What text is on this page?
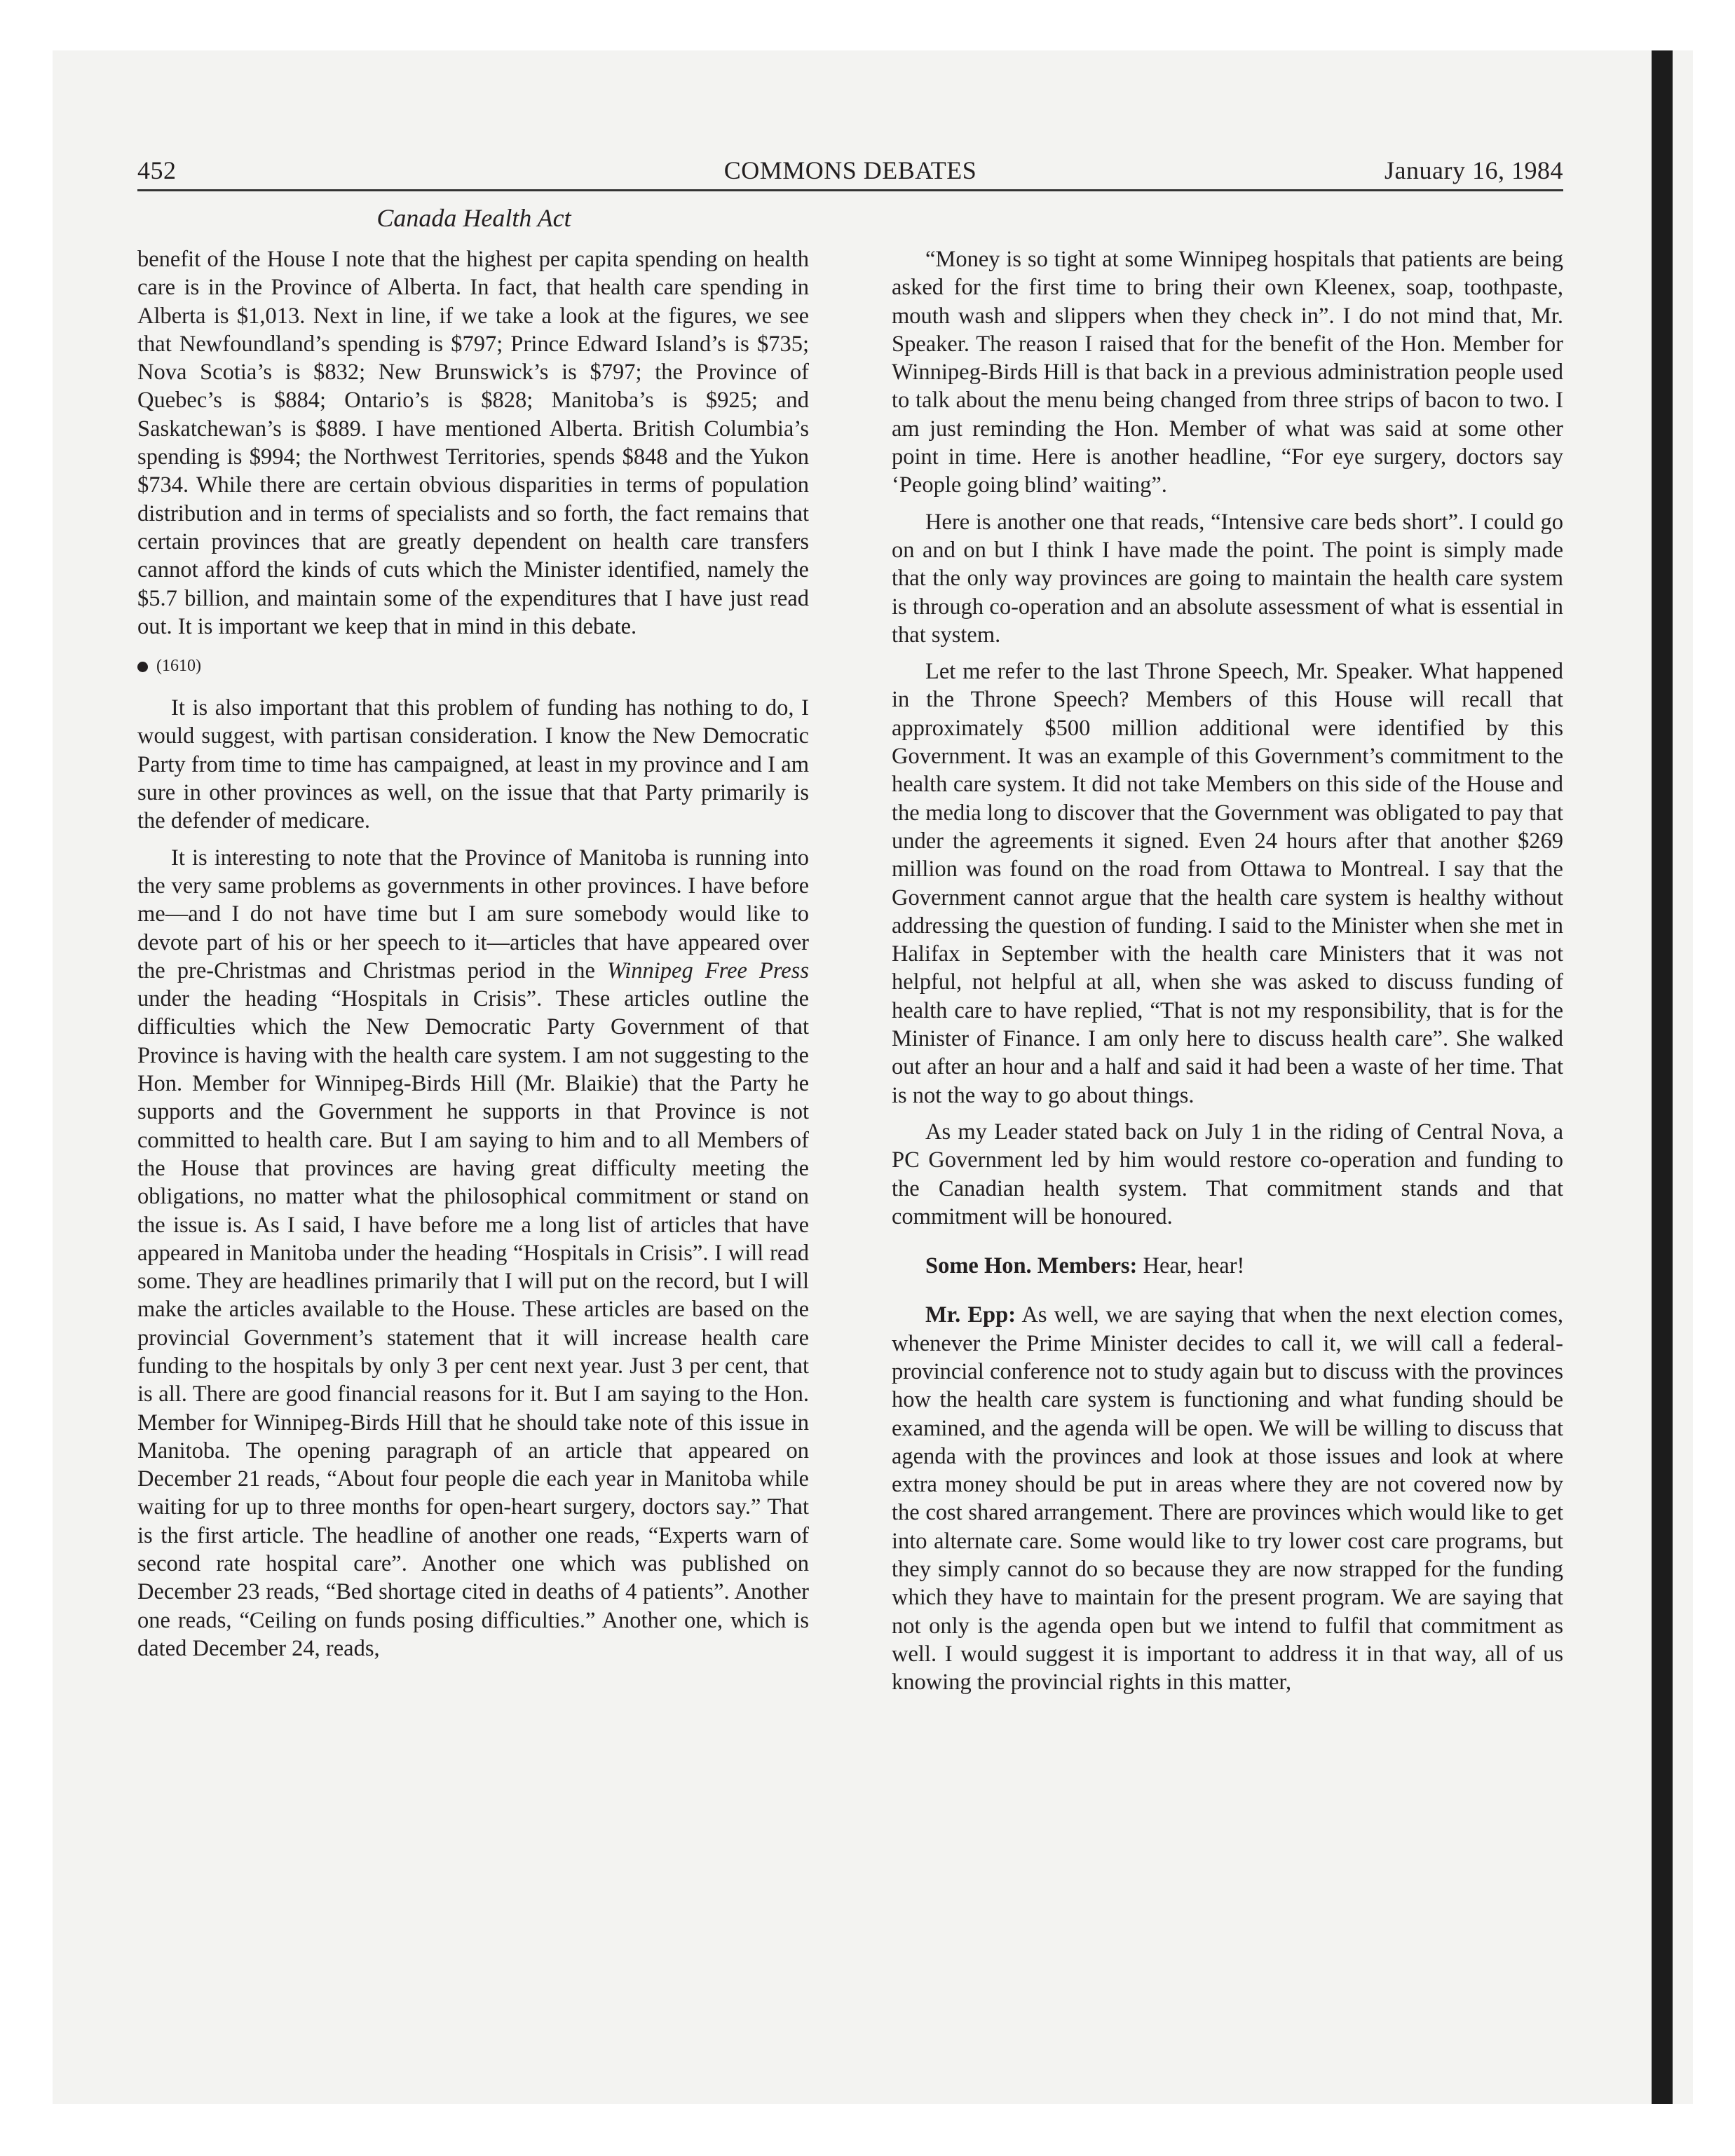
452	COMMONS DEBATES	January 16, 1984
Canada Health Act

benefit of the House I note that the highest per capita spending on health care is in the Province of Alberta. In fact, that health care spending in Alberta is $1,013. Next in line, if we take a look at the figures, we see that Newfoundland’s spending is $797; Prince Edward Island’s is $735; Nova Scotia’s is $832; New Brunswick’s is $797; the Province of Quebec’s is $884; Ontario’s is $828; Manitoba’s is $925; and Saskatchewan’s is $889. I have mentioned Alberta. British Columbia’s spending is $994; the Northwest Territories, spends $848 and the Yukon $734. While there are certain obvious disparities in terms of population distribution and in terms of specialists and so forth, the fact remains that certain provinces that are greatly dependent on health care transfers cannot afford the kinds of cuts which the Minister identified, namely the $5.7 billion, and maintain some of the expenditures that I have just read out. It is important we keep that in mind in this debate.

(1610)

It is also important that this problem of funding has nothing to do, I would suggest, with partisan consideration. I know the New Democratic Party from time to time has campaigned, at least in my province and I am sure in other provinces as well, on the issue that that Party primarily is the defender of medicare.

It is interesting to note that the Province of Manitoba is running into the very same problems as governments in other provinces. I have before me—and I do not have time but I am sure somebody would like to devote part of his or her speech to it—articles that have appeared over the pre-Christmas and Christmas period in the Winnipeg Free Press under the heading “Hospitals in Crisis”. These articles outline the difficulties which the New Democratic Party Government of that Province is having with the health care system. I am not suggesting to the Hon. Member for Winnipeg-Birds Hill (Mr. Blaikie) that the Party he supports and the Government he supports in that Province is not committed to health care. But I am saying to him and to all Members of the House that provinces are having great difficulty meeting the obligations, no matter what the philosophical commitment or stand on the issue is. As I said, I have before me a long list of articles that have appeared in Manitoba under the heading “Hospitals in Crisis”. I will read some. They are headlines primarily that I will put on the record, but I will make the articles available to the House. These articles are based on the provincial Government’s statement that it will increase health care funding to the hospitals by only 3 per cent next year. Just 3 per cent, that is all. There are good financial reasons for it. But I am saying to the Hon. Member for Winnipeg-Birds Hill that he should take note of this issue in Manitoba. The opening paragraph of an article that appeared on December 21 reads, “About four people die each year in Manitoba while waiting for up to three months for open-heart surgery, doctors say.” That is the first article. The headline of another one reads, “Experts warn of second rate hospital care”. Another one which was published on December 23 reads, “Bed shortage cited in deaths of 4 patients”. Another one reads, “Ceiling on funds posing difficulties.” Another one, which is dated December 24, reads,

“Money is so tight at some Winnipeg hospitals that patients are being asked for the first time to bring their own Kleenex, soap, toothpaste, mouth wash and slippers when they check in”. I do not mind that, Mr. Speaker. The reason I raised that for the benefit of the Hon. Member for Winnipeg-Birds Hill is that back in a previous administration people used to talk about the menu being changed from three strips of bacon to two. I am just reminding the Hon. Member of what was said at some other point in time. Here is another headline, “For eye surgery, doctors say ‘People going blind’ waiting”.

Here is another one that reads, “Intensive care beds short”. I could go on and on but I think I have made the point. The point is simply made that the only way provinces are going to maintain the health care system is through co-operation and an absolute assessment of what is essential in that system.

Let me refer to the last Throne Speech, Mr. Speaker. What happened in the Throne Speech? Members of this House will recall that approximately $500 million additional were identified by this Government. It was an example of this Government’s commitment to the health care system. It did not take Members on this side of the House and the media long to discover that the Government was obligated to pay that under the agreements it signed. Even 24 hours after that another $269 million was found on the road from Ottawa to Montreal. I say that the Government cannot argue that the health care system is healthy without addressing the question of funding. I said to the Minister when she met in Halifax in September with the health care Ministers that it was not helpful, not helpful at all, when she was asked to discuss funding of health care to have replied, “That is not my responsibility, that is for the Minister of Finance. I am only here to discuss health care”. She walked out after an hour and a half and said it had been a waste of her time. That is not the way to go about things.

As my Leader stated back on July 1 in the riding of Central Nova, a PC Government led by him would restore co-operation and funding to the Canadian health system. That commitment stands and that commitment will be honoured.

Some Hon. Members: Hear, hear!

Mr. Epp: As well, we are saying that when the next election comes, whenever the Prime Minister decides to call it, we will call a federal-provincial conference not to study again but to discuss with the provinces how the health care system is functioning and what funding should be examined, and the agenda will be open. We will be willing to discuss that agenda with the provinces and look at those issues and look at where extra money should be put in areas where they are not covered now by the cost shared arrangement. There are provinces which would like to get into alternate care. Some would like to try lower cost care programs, but they simply cannot do so because they are now strapped for the funding which they have to maintain for the present program. We are saying that not only is the agenda open but we intend to fulfil that commitment as well. I would suggest it is important to address it in that way, all of us knowing the provincial rights in this matter,
